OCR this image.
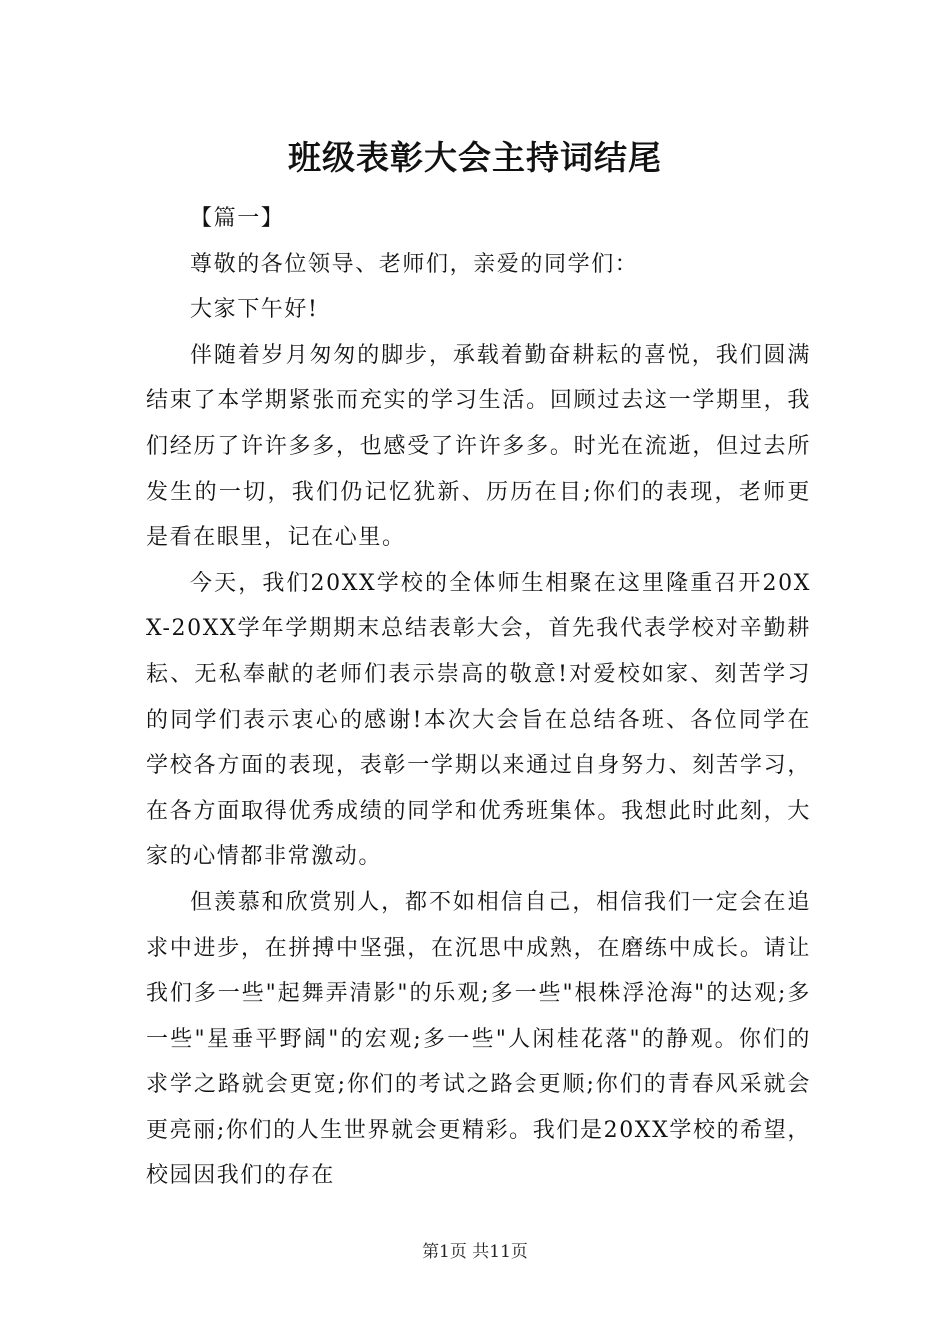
班级表彰大会主持词结尾

【篇一】

尊敬的各位领导、老师们，亲爱的同学们：

大家下午好!

伴随着岁月匆匆的脚步，承载着勤奋耕耘的喜悦，我们圆满结束了本学期紧张而充实的学习生活。回顾过去这一学期里，我们经历了许许多多，也感受了许许多多。时光在流逝，但过去所发生的一切，我们仍记忆犹新、历历在目;你们的表现，老师更是看在眼里，记在心里。

今天，我们20XX学校的全体师生相聚在这里隆重召开20XX-20XX学年学期期末总结表彰大会，首先我代表学校对辛勤耕耘、无私奉献的老师们表示崇高的敬意!对爱校如家、刻苦学习的同学们表示衷心的感谢!本次大会旨在总结各班、各位同学在学校各方面的表现，表彰一学期以来通过自身努力、刻苦学习，在各方面取得优秀成绩的同学和优秀班集体。我想此时此刻，大家的心情都非常激动。

但羡慕和欣赏别人，都不如相信自己，相信我们一定会在追求中进步，在拼搏中坚强，在沉思中成熟，在磨练中成长。请让我们多一些"起舞弄清影"的乐观;多一些"根株浮沧海"的达观;多一些"星垂平野阔"的宏观;多一些"人闲桂花落"的静观。你们的求学之路就会更宽;你们的考试之路会更顺;你们的青春风采就会更亮丽;你们的人生世界就会更精彩。我们是20XX学校的希望，校园因我们的存在

第1页 共11页
